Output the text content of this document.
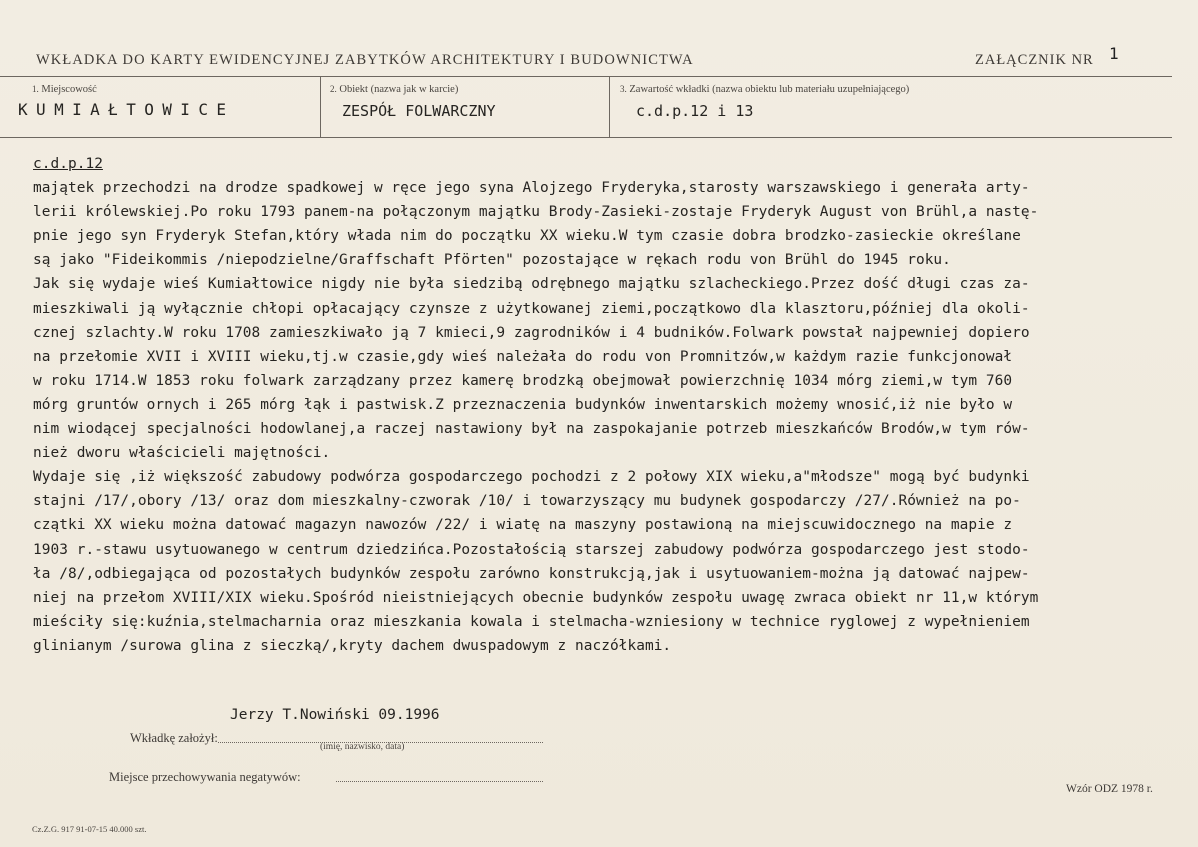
WKŁADKA DO KARTY EWIDENCYJNEJ ZABYTKÓW ARCHITEKTURY I BUDOWNICTWA	ZAŁĄCZNIK NR 1
1. Miejscowość	2. Obiekt (nazwa jak w karcie)	3. Zawartość wkładki (nazwa obiektu lub materiału uzupełniającego)
KUMIAŁTOWICE	ZESPÓŁ FOLWARCZNY	c.d.p.12 i 13
c.d.p.12
majątek przechodzi na drodze spadkowej w ręce jego syna Alojzego Fryderyka,starosty warszawskiego i generała arty-
lerii królewskiej.Po roku 1793 panem-na połączonym majątku Brody-Zasieki-zostaje Fryderyk August von Brühl,a nastę-
pnie jego syn Fryderyk Stefan,który włada nim do początku XX wieku.W tym czasie dobra brodzko-zasieckie określane
są jako "Fideikommis /niepodzielne/Graffschaft Pförten" pozostające w rękach rodu von Brühl do 1945 roku.
Jak się wydaje wieś Kumiałtowice nigdy nie była siedzibą odrębnego majątku szlacheckiego.Przez dość długi czas za-
mieszkiwali ją wyłącznie chłopi opłacający czynsze z użytkowanej ziemi,początkowo dla klasztoru,później dla okoli-
cznej szlachty.W roku 1708 zamieszkiwało ją 7 kmieci,9 zagrodników i 4 budników.Folwark powstał najpewniej dopiero
na przełomie XVII i XVIII wieku,tj.w czasie,gdy wieś należała do rodu von Promnitzów,w każdym razie funkcjonował
w roku 1714.W 1853 roku folwark zarządzany przez kamerę brodzką obejmował powierzchnię 1034 mórg ziemi,w tym 760
mórg gruntów ornych i 265 mórg łąk i pastwisk.Z przeznaczenia budynków inwentarskich możemy wnosić,iż nie było w
nim wiodącej specjalności hodowlanej,a raczej nastawiony był na zaspokajanie potrzeb mieszkańców Brodów,w tym rów-
nież dworu właścicieli majętności.
Wydaje się ,iż większość zabudowy podwórza gospodarczego pochodzi z 2 połowy XIX wieku,a"młodsze" mogą być budynki
stajni /17/,obory /13/ oraz dom mieszkalny-czworak /10/ i towarzyszący mu budynek gospodarczy /27/.Również na po-
czątki XX wieku można datować magazyn nawozów /22/ i wiatę na maszyny postawioną na miejscuwidocznego na mapie z
1903 r.-stawu usytuowanego w centrum dziedzińca.Pozostałością starszej zabudowy podwórza gospodarczego jest stodo-
ła /8/,odbiegająca od pozostałych budynków zespołu zarówno konstrukcją,jak i usytuowaniem-można ją datować najpew-
niej na przełom XVIII/XIX wieku.Spośród nieistniejących obecnie budynków zespołu uwagę zwraca obiekt nr 11,w którym
mieściły się:kuźnia,stelmacharnia oraz mieszkania kowala i stelmacha-wzniesiony w technice ryglowej z wypełnieniem
glinianym /surowa glina z sieczką/,kryty dachem dwuspadowym z naczółkami.
Jerzy T.Nowiński 09.1996
Wkładkę założył:
(imię, nazwisko, data)
Miejsce przechowywania negatywów:
Cz.Z.G. 917 91-07-15 40.000 szt.
Wzór ODZ 1978 r.
